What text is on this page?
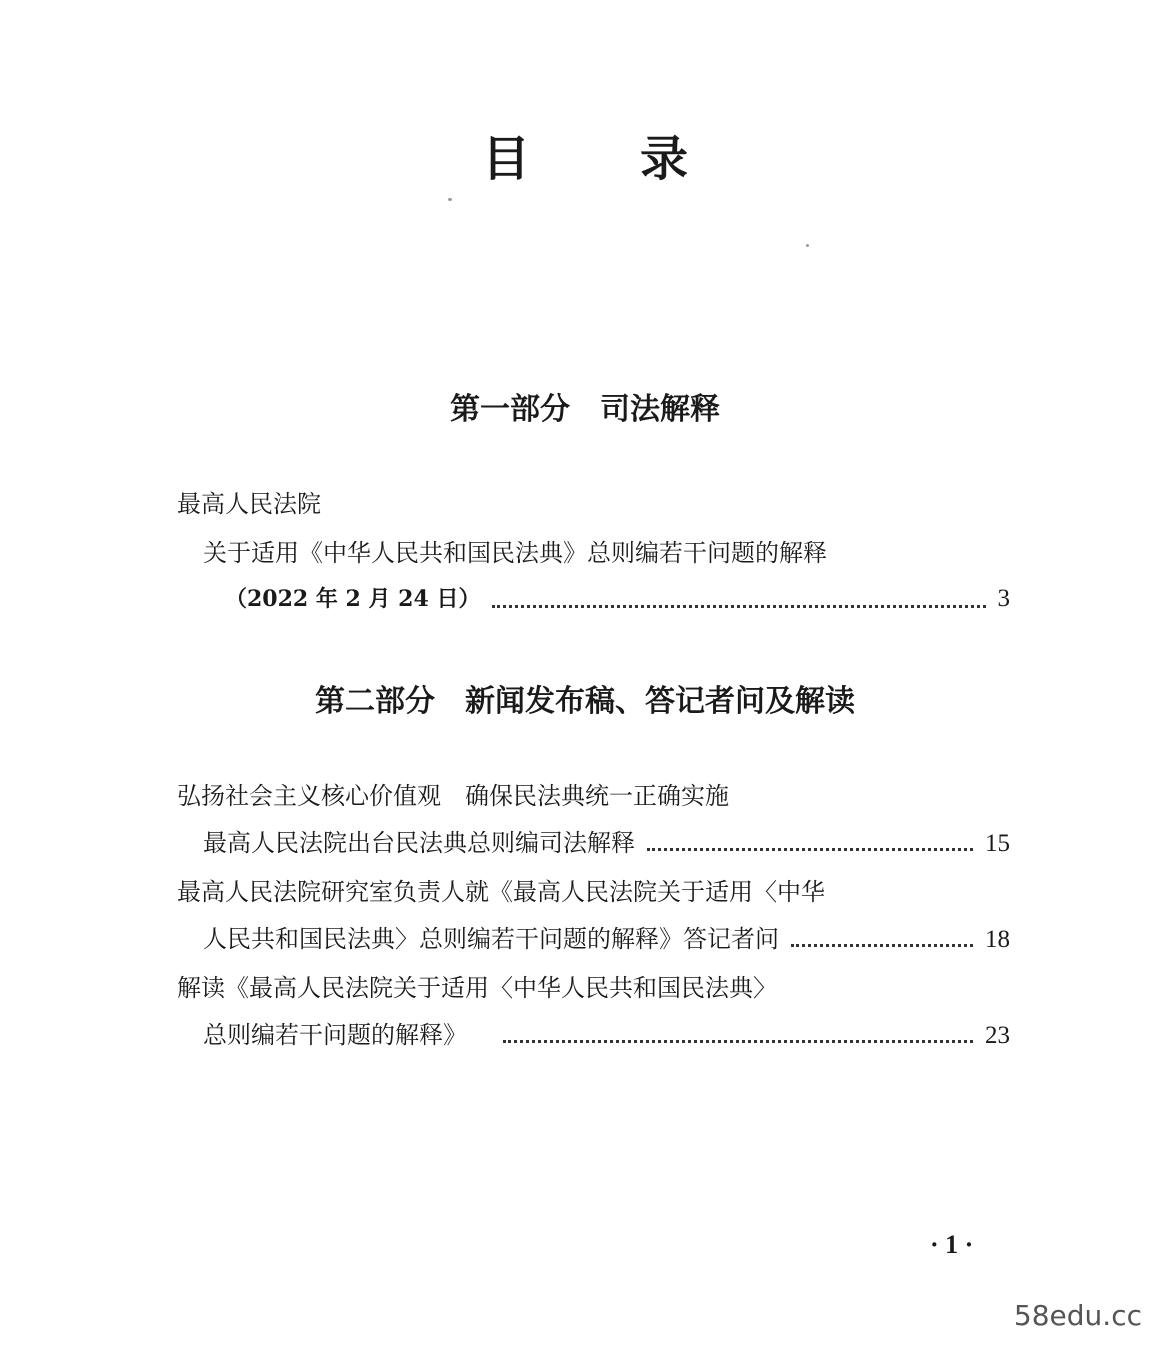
目 录
第一部分　司法解释
最高人民法院
关于适用《中华人民共和国民法典》总则编若干问题的解释
（2022 年 2 月 24 日）	3
第二部分　新闻发布稿、答记者问及解读
弘扬社会主义核心价值观　确保民法典统一正确实施
最高人民法院出台民法典总则编司法解释	15
最高人民法院研究室负责人就《最高人民法院关于适用〈中华
人民共和国民法典〉总则编若干问题的解释》答记者问	18
解读《最高人民法院关于适用〈中华人民共和国民法典〉
总则编若干问题的解释》	23
· 1 ·
58edu.cc
